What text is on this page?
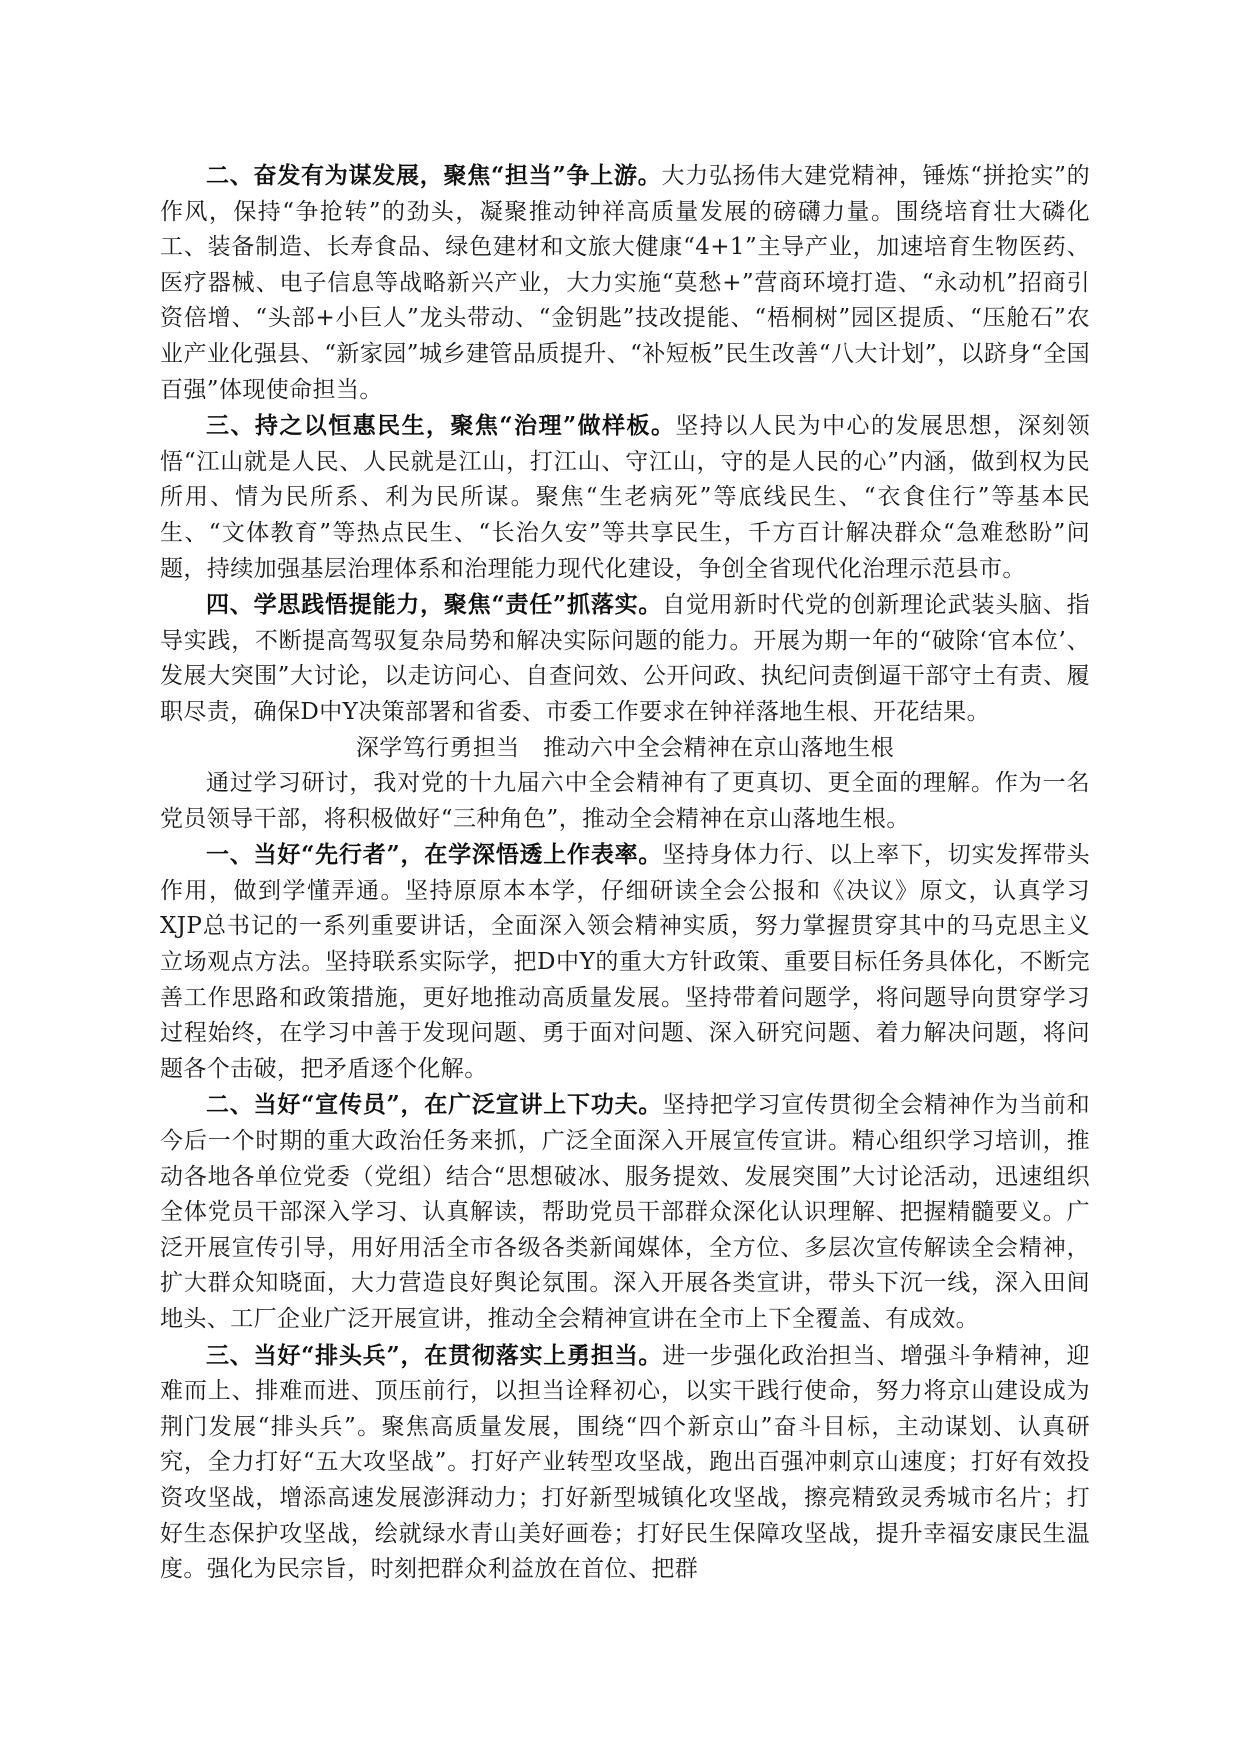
二、奋发有为谋发展，聚焦“担当”争上游。大力弘扬伟大建党精神，锤炼“拼抢实”的作风，保持“争抢转”的劲头，凝聚推动钟祥高质量发展的磅礴力量。围绕培育壮大磷化工、装备制造、长寿食品、绿色建材和文旅大健康“4+1”主导产业，加速培育生物医药、医疗器械、电子信息等战略新兴产业，大力实施“莫愁+”营商环境打造、“永动机”招商引资倍增、“头部+小巨人”龙头带动、“金钥匙”技改提能、“梧桐树”园区提质、“压舱石”农业产业化强县、“新家园”城乡建管品质提升、“补短板”民生改善“八大计划”，以跻身“全国百强”体现使命担当。

三、持之以恒惠民生，聚焦“治理”做样板。坚持以人民为中心的发展思想，深刻领悟“江山就是人民、人民就是江山，打江山、守江山，守的是人民的心”内涵，做到权为民所用、情为民所系、利为民所谋。聚焦“生老病死”等底线民生、“衣食住行”等基本民生、“文体教育”等热点民生、“长治久安”等共享民生，千方百计解决群众“急难愁盼”问题，持续加强基层治理体系和治理能力现代化建设，争创全省现代化治理示范县市。

四、学思践悟提能力，聚焦“责任”抓落实。自觉用新时代党的创新理论武装头脑、指导实践，不断提高驾驭复杂局势和解决实际问题的能力。开展为期一年的“破除‘官本位’、发展大突围”大讨论，以走访问心、自查问效、公开问政、执纪问责倒逼干部守土有责、履职尽责，确保D中Y决策部署和省委、市委工作要求在钟祥落地生根、开花结果。

深学笃行勇担当　推动六中全会精神在京山落地生根

通过学习研讨，我对党的十九届六中全会精神有了更真切、更全面的理解。作为一名党员领导干部，将积极做好“三种角色”，推动全会精神在京山落地生根。

一、当好“先行者”，在学深悟透上作表率。坚持身体力行、以上率下，切实发挥带头作用，做到学懂弄通。坚持原原本本学，仔细研读全会公报和《决议》原文，认真学习XJP总书记的一系列重要讲话，全面深入领会精神实质，努力掌握贯穿其中的马克思主义立场观点方法。坚持联系实际学，把D中Y的重大方针政策、重要目标任务具体化，不断完善工作思路和政策措施，更好地推动高质量发展。坚持带着问题学，将问题导向贯穿学习过程始终，在学习中善于发现问题、勇于面对问题、深入研究问题、着力解决问题，将问题各个击破，把矛盾逐个化解。

二、当好“宣传员”，在广泛宣讲上下功夫。坚持把学习宣传贯彻全会精神作为当前和今后一个时期的重大政治任务来抓，广泛全面深入开展宣传宣讲。精心组织学习培训，推动各地各单位党委（党组）结合“思想破冰、服务提效、发展突围”大讨论活动，迅速组织全体党员干部深入学习、认真解读，帮助党员干部群众深化认识理解、把握精髓要义。广泛开展宣传引导，用好用活全市各级各类新闻媒体，全方位、多层次宣传解读全会精神，扩大群众知晓面，大力营造良好舆论氛围。深入开展各类宣讲，带头下沉一线，深入田间地头、工厂企业广泛开展宣讲，推动全会精神宣讲在全市上下全覆盖、有成效。

三、当好“排头兵”，在贯彻落实上勇担当。进一步强化政治担当、增强斗争精神，迎难而上、排难而进、顶压前行，以担当诠释初心，以实干践行使命，努力将京山建设成为荆门发展“排头兵”。聚焦高质量发展，围绕“四个新京山”奋斗目标，主动谋划、认真研究，全力打好“五大攻坚战”。打好产业转型攻坚战，跑出百强冲刺京山速度；打好有效投资攻坚战，增添高速发展澎湃动力；打好新型城镇化攻坚战，擦亮精致灵秀城市名片；打好生态保护攻坚战，绘就绿水青山美好画卷；打好民生保障攻坚战，提升幸福安康民生温度。强化为民宗旨，时刻把群众利益放在首位、把群
